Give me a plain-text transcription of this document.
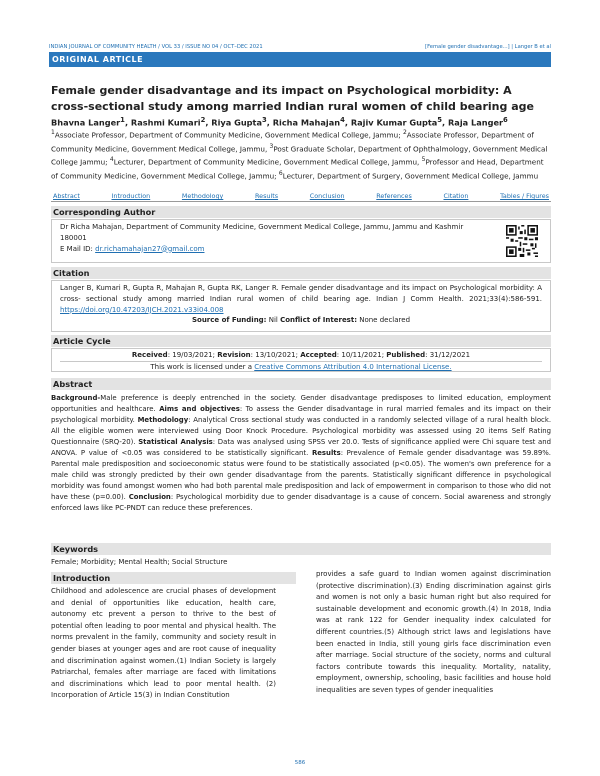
INDIAN JOURNAL OF COMMUNITY HEALTH / VOL 33 / ISSUE NO 04 / OCT–DEC 2021	[Female gender disadvantage...] | Langer B et al
ORIGINAL ARTICLE
Female gender disadvantage and its impact on Psychological morbidity: A cross-sectional study among married Indian rural women of child bearing age
Bhavna Langer$^1$, Rashmi Kumari$^2$, Riya Gupta$^3$, Richa Mahajan$^4$, Rajiv Kumar Gupta$^5$, Raja Langer$^6$
$^1$Associate Professor, Department of Community Medicine, Government Medical College, Jammu; $^2$Associate Professor, Department of Community Medicine, Government Medical College, Jammu, $^3$Post Graduate Scholar, Department of Ophthalmology, Government Medical College Jammu; $^4$Lecturer, Department of Community Medicine, Government Medical College, Jammu, $^5$Professor and Head, Department of Community Medicine, Government Medical College, Jammu; $^6$Lecturer, Department of Surgery, Government Medical College, Jammu
Abstract	Introduction	Methodology	Results	Conclusion	References	Citation	Tables / Figures
Corresponding Author
Dr Richa Mahajan, Department of Community Medicine, Government Medical College, Jammu, Jammu and Kashmir 180001
E Mail ID: dr.richamahajan27@gmail.com
Citation
Langer B, Kumari R, Gupta R, Mahajan R, Gupta RK, Langer R. Female gender disadvantage and its impact on Psychological morbidity: A cross- sectional study among married Indian rural women of child bearing age. Indian J Comm Health. 2021;33(4):586-591. https://doi.org/10.47203/IJCH.2021.v33i04.008
Source of Funding: Nil Conflict of Interest: None declared
Article Cycle
Received: 19/03/2021; Revision: 13/10/2021; Accepted: 10/11/2021; Published: 31/12/2021
This work is licensed under a Creative Commons Attribution 4.0 International License.
Abstract
Background-Male preference is deeply entrenched in the society. Gender disadvantage predisposes to limited education, employment opportunities and healthcare. Aims and objectives: To assess the Gender disadvantage in rural married females and its impact on their psychological morbidity. Methodology: Analytical Cross sectional study was conducted in a randomly selected village of a rural health block. All the eligible women were interviewed using Door Knock Procedure. Psychological morbidity was assessed using 20 items Self Rating Questionnaire (SRQ-20). Statistical Analysis: Data was analysed using SPSS ver 20.0. Tests of significance applied were Chi square test and ANOVA. P value of <0.05 was considered to be statistically significant. Results: Prevalence of Female gender disadvantage was 59.89%. Parental male predisposition and socioeconomic status were found to be statistically associated (p<0.05). The women's own preference for a male child was strongly predicted by their own gender disadvantage from the parents. Statistically significant difference in psychological morbidity was found amongst women who had both parental male predisposition and lack of empowerment in comparison to those who did not have these (p=0.00). Conclusion: Psychological morbidity due to gender disadvantage is a cause of concern. Social awareness and strongly enforced laws like PC-PNDT can reduce these preferences.
Keywords
Female; Morbidity; Mental Health; Social Structure
Introduction
Childhood and adolescence are crucial phases of development and denial of opportunities like education, health care, autonomy etc prevent a person to thrive to the best of potential often leading to poor mental and physical health. The norms prevalent in the family, community and society result in gender biases at younger ages and are root cause of inequality and discrimination against women.(1) Indian Society is largely Patriarchal, females after marriage are faced with limitations and discriminations which lead to poor mental health. (2) Incorporation of Article 15(3) in Indian Constitution
provides a safe guard to Indian women against discrimination (protective discrimination).(3) Ending discrimination against girls and women is not only a basic human right but also required for sustainable development and economic growth.(4) In 2018, India was at rank 122 for Gender inequality index calculated for different countries.(5) Although strict laws and legislations have been enacted in India, still young girls face discrimination even after marriage. Social structure of the society, norms and cultural factors contribute towards this inequality. Mortality, natality, employment, ownership, schooling, basic facilities and house hold inequalities are seven types of gender inequalities
586
